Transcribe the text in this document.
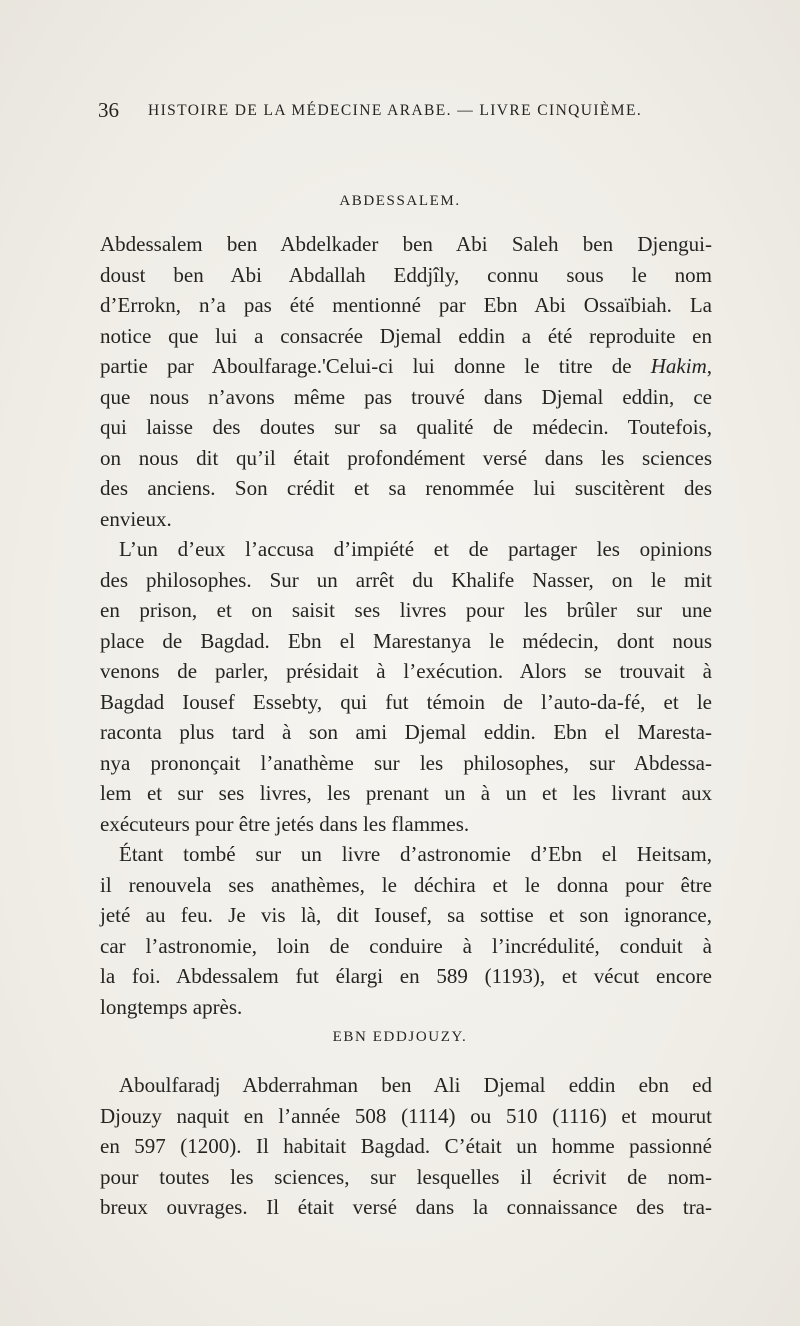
36 HISTOIRE DE LA MÉDECINE ARABE. — LIVRE CINQUIÈME.
ABDESSALEM.
Abdessalem ben Abdelkader ben Abi Saleh ben Djengui-
doust ben Abi Abdallah Eddjîly, connu sous le nom
d’Errokn, n’a pas été mentionné par Ebn Abi Ossaïbiah. La
notice que lui a consacrée Djemal eddin a été reproduite en
partie par Aboulfarage.'Celui-ci lui donne le titre de Hakim,
que nous n’avons même pas trouvé dans Djemal eddin, ce
qui laisse des doutes sur sa qualité de médecin. Toutefois,
on nous dit qu’il était profondément versé dans les sciences
des anciens. Son crédit et sa renommée lui suscitèrent des
envieux.
L’un d’eux l’accusa d’impiété et de partager les opinions
des philosophes. Sur un arrêt du Khalife Nasser, on le mit
en prison, et on saisit ses livres pour les brûler sur une
place de Bagdad. Ebn el Marestanya le médecin, dont nous
venons de parler, présidait à l’exécution. Alors se trouvait à
Bagdad Iousef Essebty, qui fut témoin de l’auto-da-fé, et le
raconta plus tard à son ami Djemal eddin. Ebn el Maresta-
nya prononçait l’anathème sur les philosophes, sur Abdessa-
lem et sur ses livres, les prenant un à un et les livrant aux
exécuteurs pour être jetés dans les flammes.
Étant tombé sur un livre d’astronomie d’Ebn el Heitsam,
il renouvela ses anathèmes, le déchira et le donna pour être
jeté au feu. Je vis là, dit Iousef, sa sottise et son ignorance,
car l’astronomie, loin de conduire à l’incrédulité, conduit à
la foi. Abdessalem fut élargi en 589 (1193), et vécut encore
longtemps après.
EBN EDDJOUZY.
Aboulfaradj Abderrahman ben Ali Djemal eddin ebn ed
Djouzy naquit en l’année 508 (1114) ou 510 (1116) et mourut
en 597 (1200). Il habitait Bagdad. C’était un homme passionné
pour toutes les sciences, sur lesquelles il écrivit de nom-
breux ouvrages. Il était versé dans la connaissance des tra-
